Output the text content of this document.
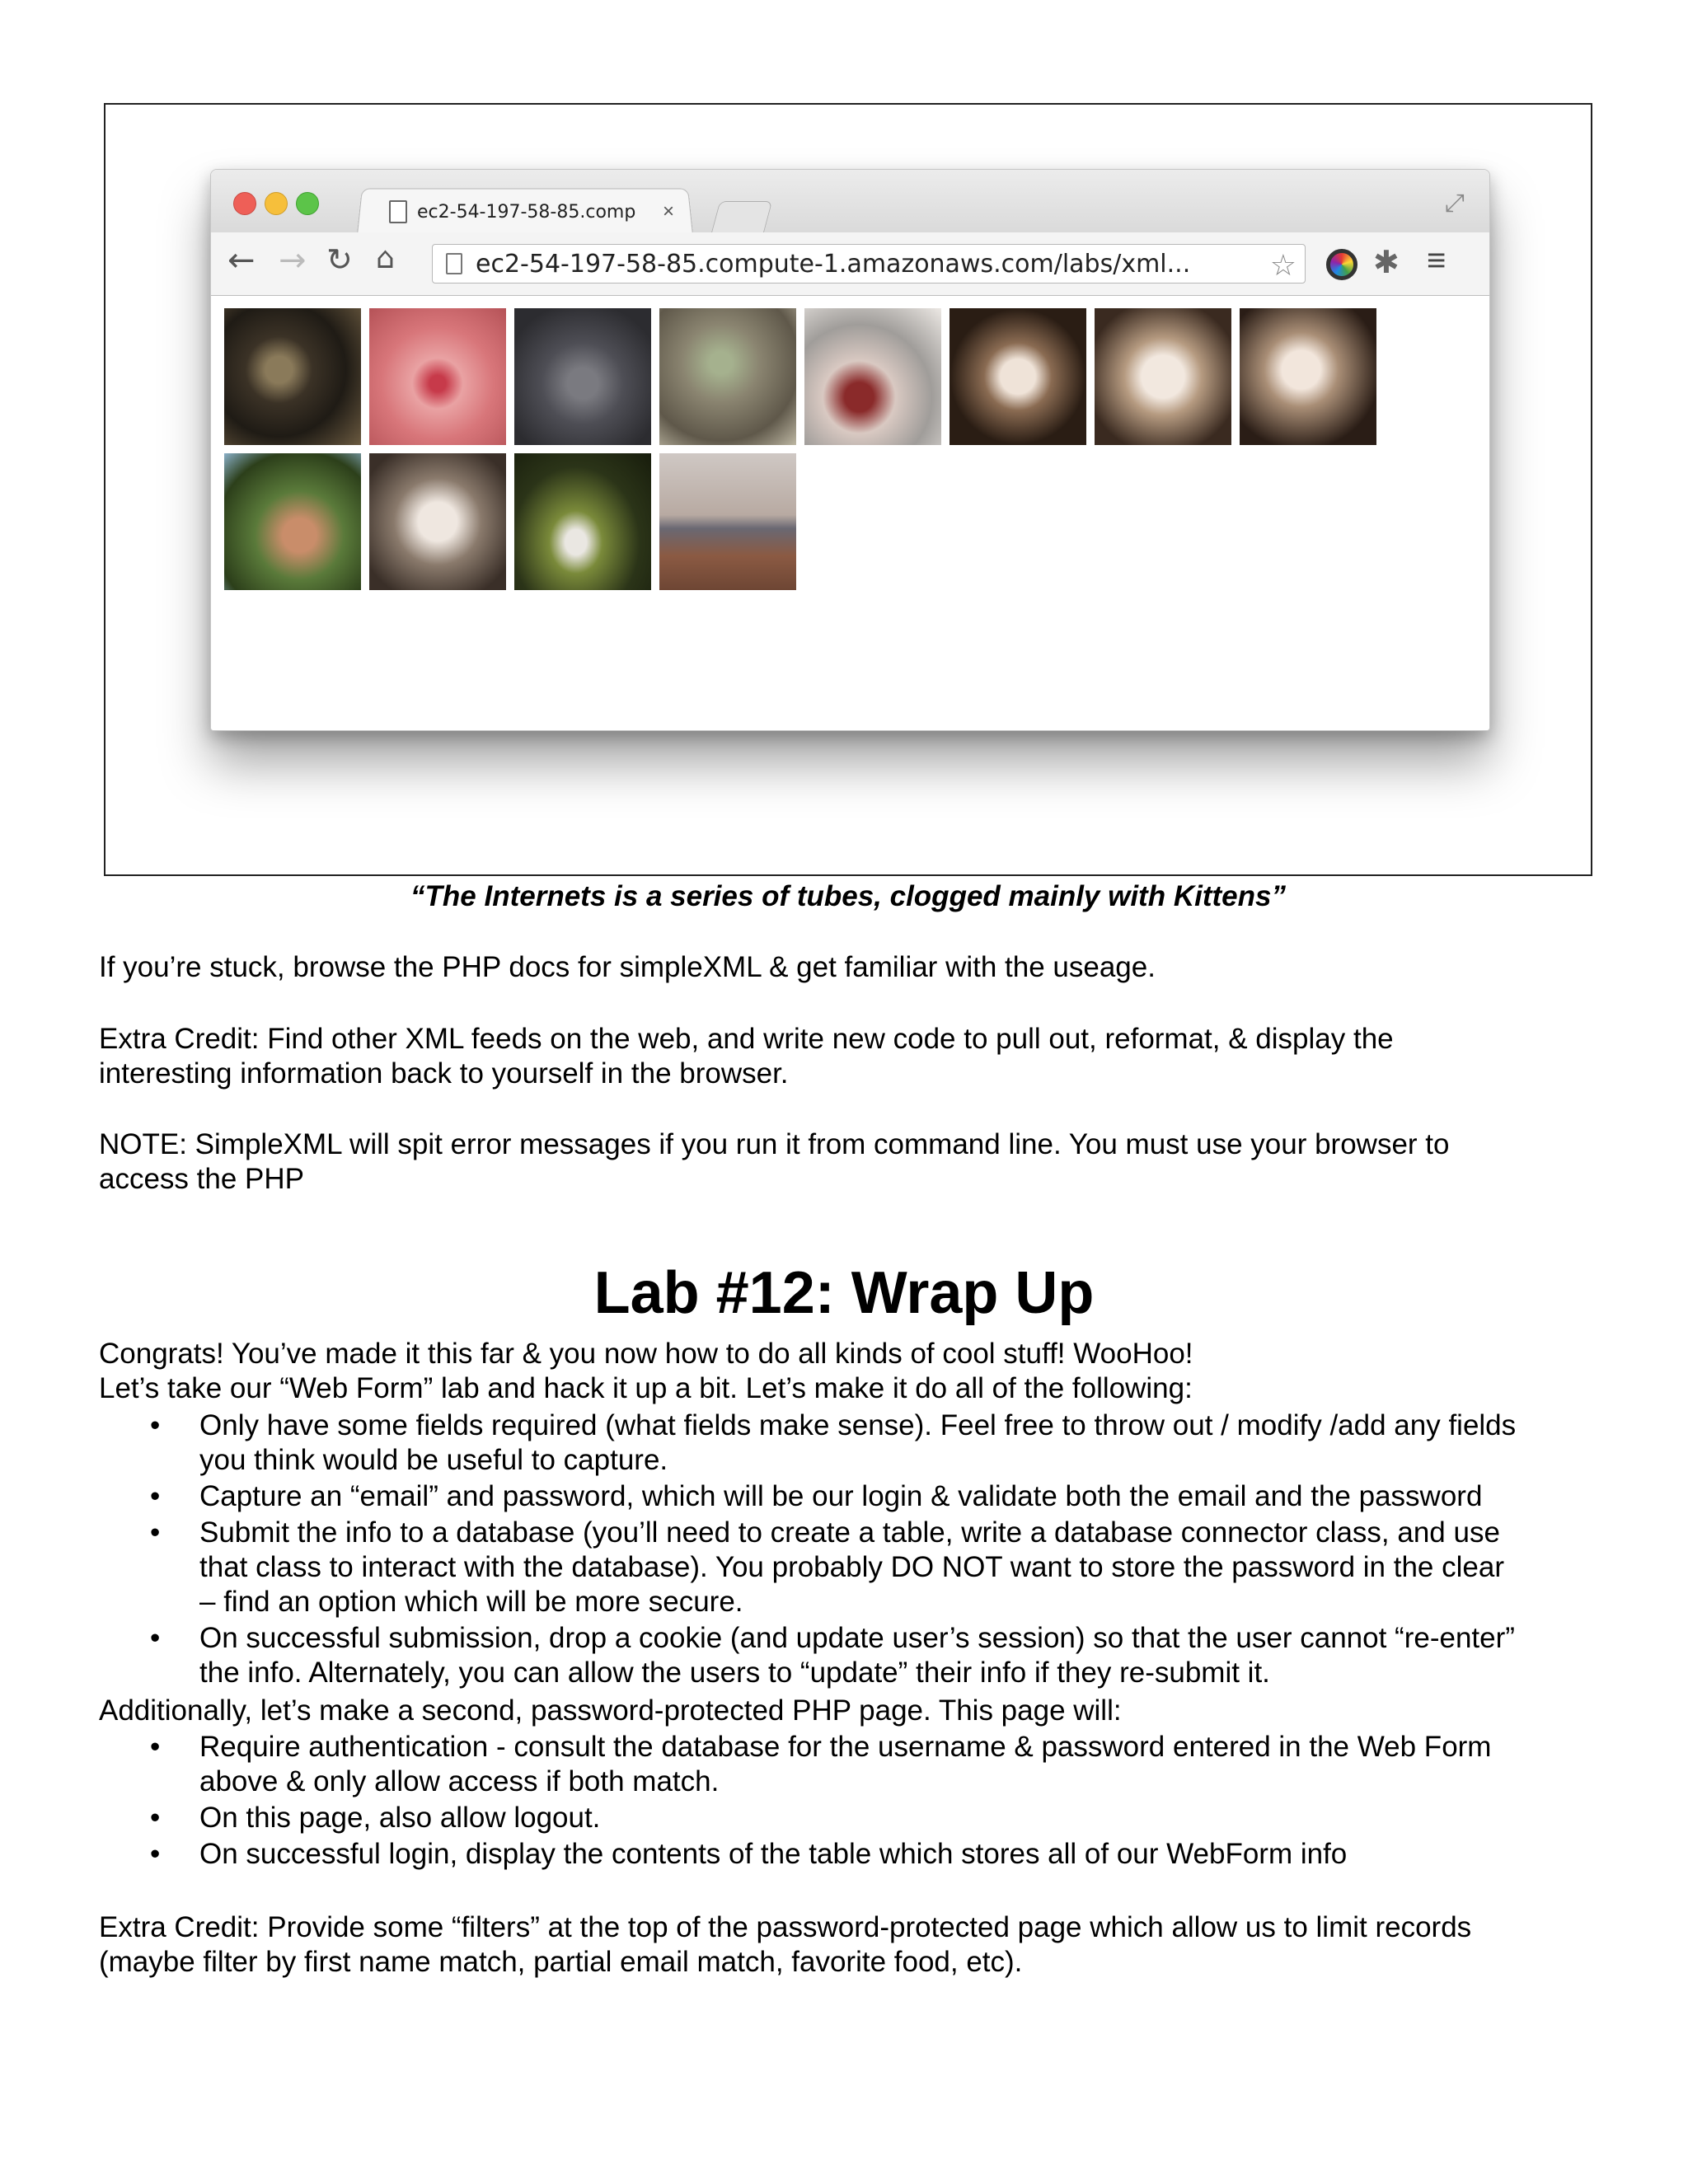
ec2-54-197-58-85.comp	×	⤢
← → ↻ ⌂	ec2-54-197-58-85.compute-1.amazonaws.com/labs/xml...	☆ ✱ ≡
“The Internets is a series of tubes, clogged mainly with Kittens”
If you’re stuck, browse the PHP docs for simpleXML & get familiar with the useage.
Extra Credit: Find other XML feeds on the web, and write new code to pull out, reformat, & display the
interesting information back to yourself in the browser.
NOTE: SimpleXML will spit error messages if you run it from command line. You must use your browser to
access the PHP
Lab #12: Wrap Up
Congrats! You’ve made it this far & you now how to do all kinds of cool stuff! WooHoo!
Let’s take our “Web Form” lab and hack it up a bit. Let’s make it do all of the following:
• Only have some fields required (what fields make sense). Feel free to throw out / modify /add any fields
you think would be useful to capture.
• Capture an “email” and password, which will be our login & validate both the email and the password
• Submit the info to a database (you’ll need to create a table, write a database connector class, and use
that class to interact with the database). You probably DO NOT want to store the password in the clear
– find an option which will be more secure.
• On successful submission, drop a cookie (and update user’s session) so that the user cannot “re-enter”
the info. Alternately, you can allow the users to “update” their info if they re-submit it.
Additionally, let’s make a second, password-protected PHP page. This page will:
• Require authentication - consult the database for the username & password entered in the Web Form
above & only allow access if both match.
• On this page, also allow logout.
• On successful login, display the contents of the table which stores all of our WebForm info
Extra Credit: Provide some “filters” at the top of the password-protected page which allow us to limit records
(maybe filter by first name match, partial email match, favorite food, etc).
